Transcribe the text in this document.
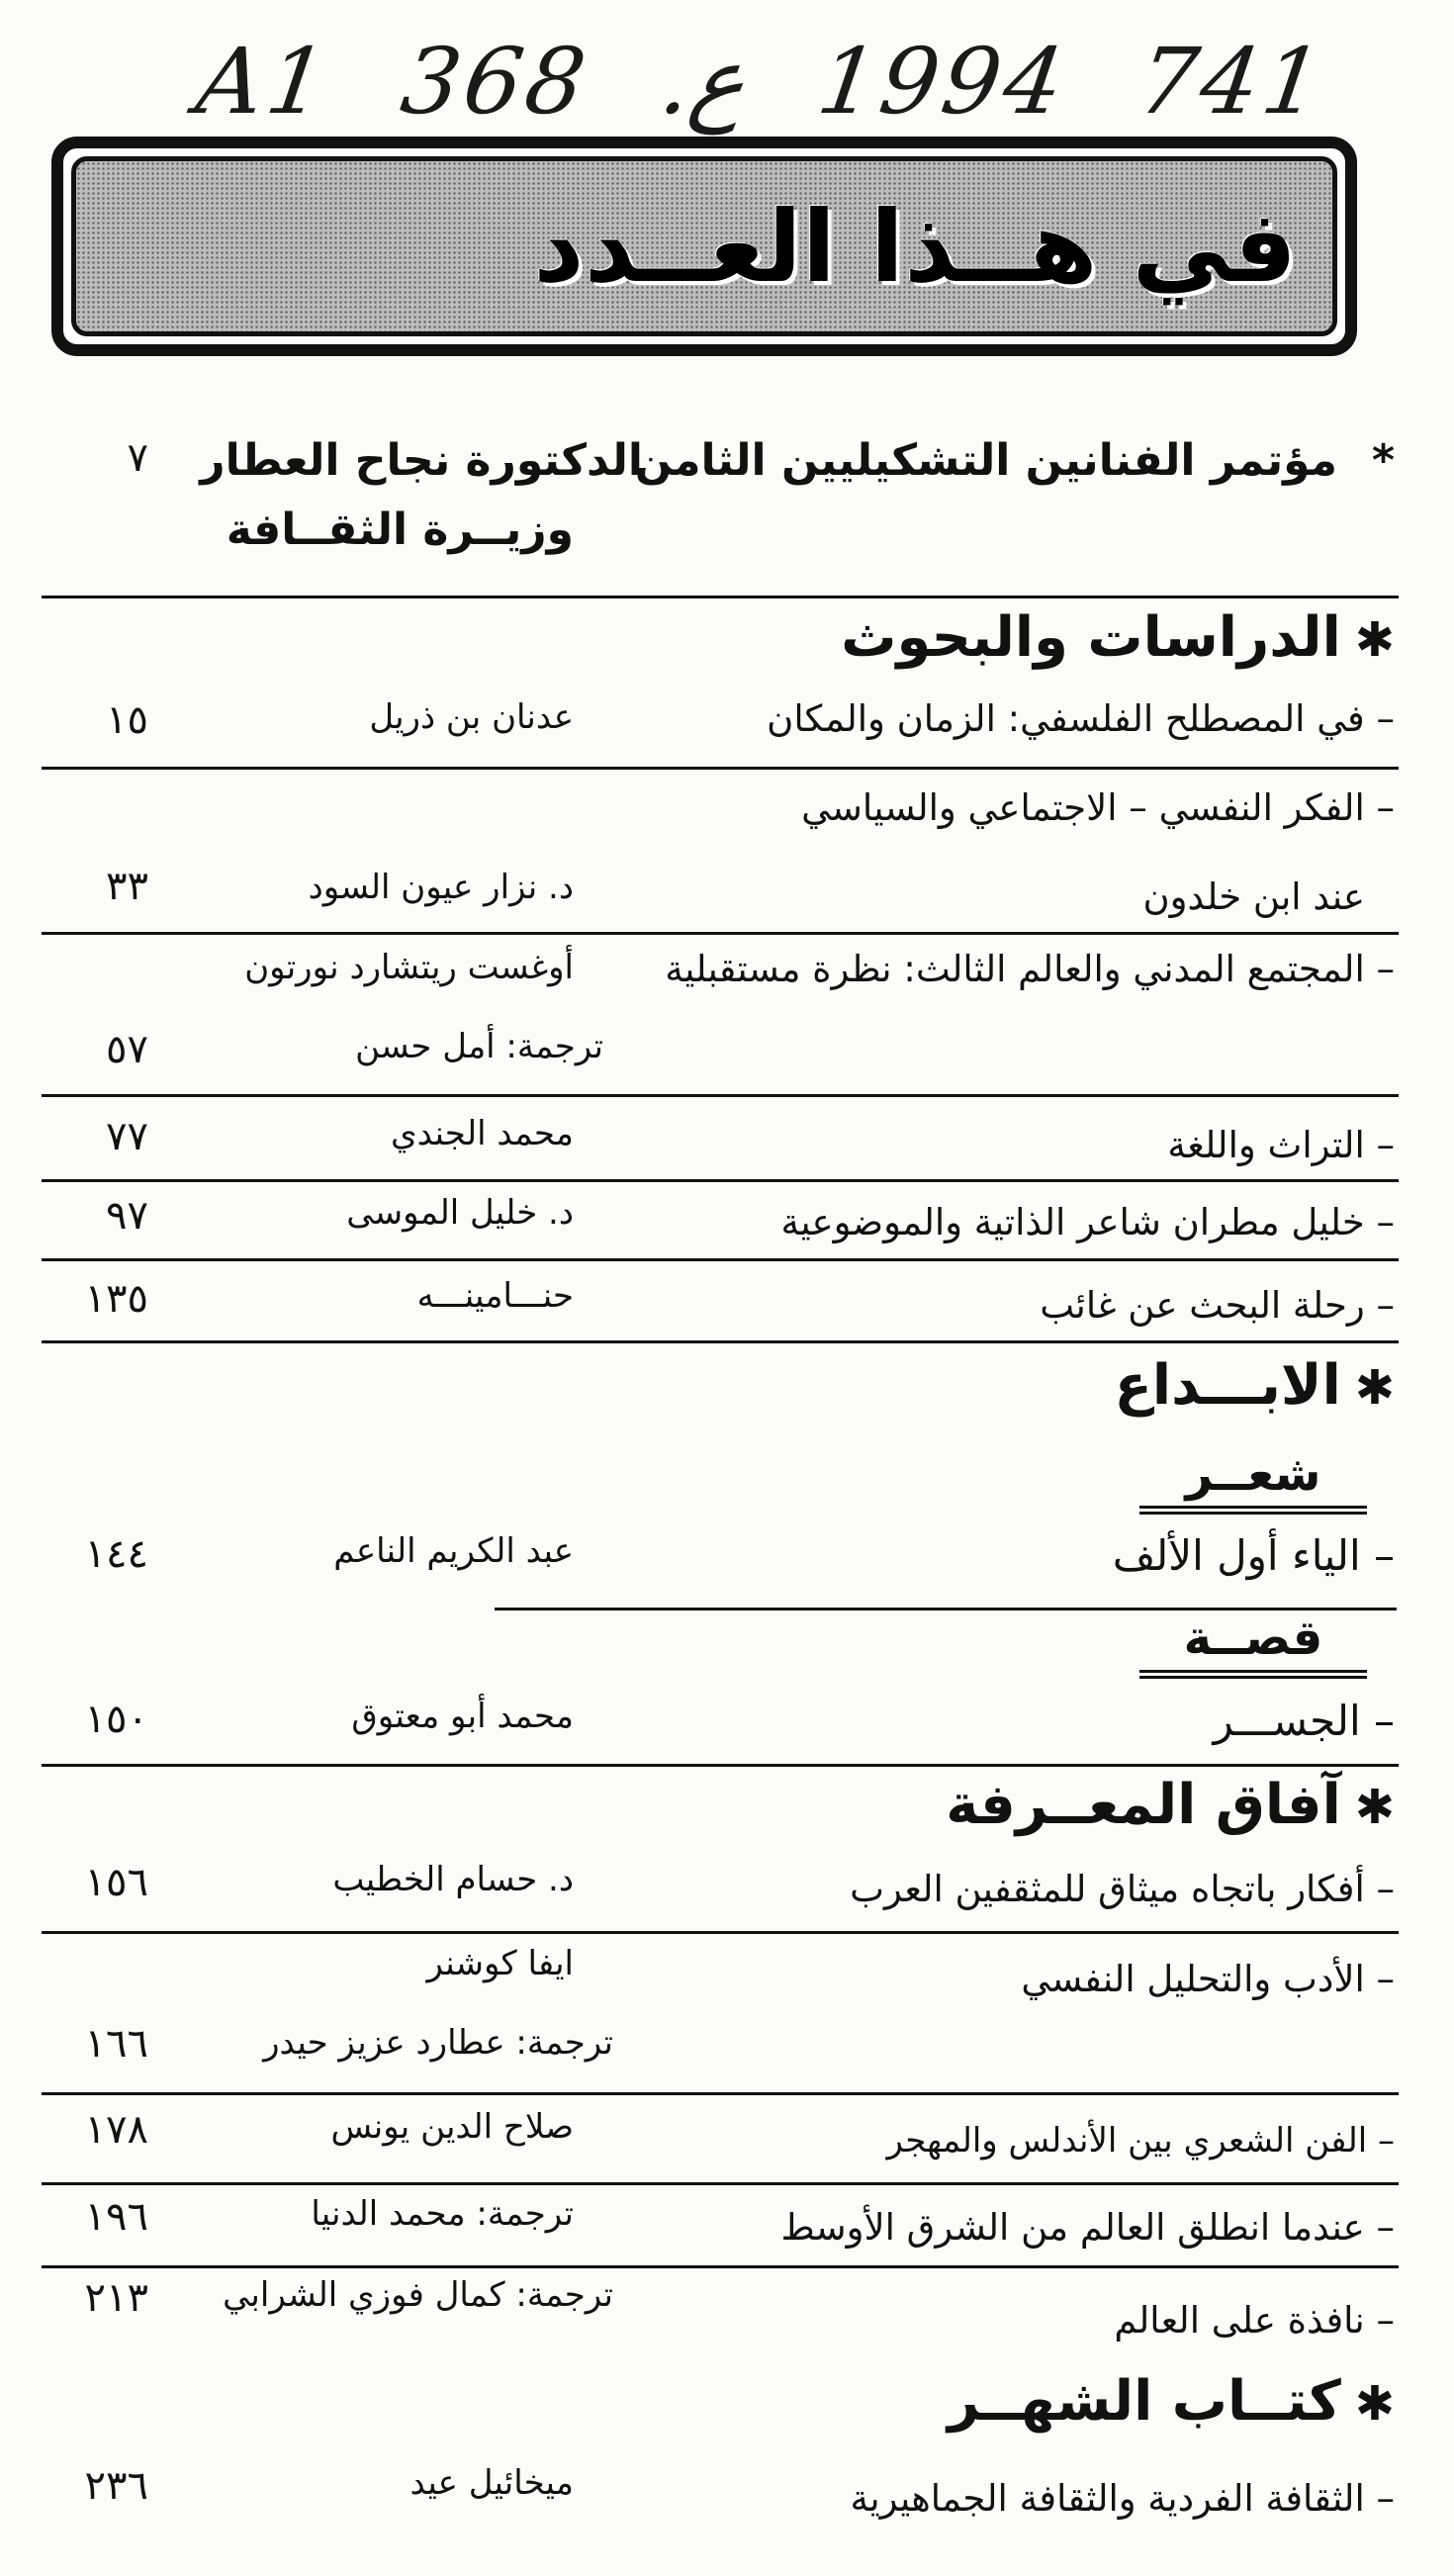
A1 368 .ع 1994 741
في هــذا العــدد
*
مؤتمر الفنانين التشكيليين الثامن
الدكتورة نجاح العطار
وزيــرة الثقــافة
٧
✱الدراسات والبحوث
– في المصطلح الفلسفي: الزمان والمكان
عدنان بن ذريل
١٥
– الفكر النفسي – الاجتماعي والسياسي
عند ابن خلدون
د. نزار عيون السود
٣٣
– المجتمع المدني والعالم الثالث: نظرة مستقبلية
أوغست ريتشارد نورتون
ترجمة: أمل حسن
٥٧
– التراث واللغة
محمد الجندي
٧٧
– خليل مطران شاعر الذاتية والموضوعية
د. خليل الموسى
٩٧
– رحلة البحث عن غائب
حنـــامينـــه
١٣٥
✱الابـــداع
شعــر
– الياء أول الألف
عبد الكريم الناعم
١٤٤
قصــة
– الجســـر
محمد أبو معتوق
١٥٠
✱آفاق المعــرفة
– أفكار باتجاه ميثاق للمثقفين العرب
د. حسام الخطيب
١٥٦
– الأدب والتحليل النفسي
ايفا كوشنر
ترجمة: عطارد عزيز حيدر
١٦٦
– الفن الشعري بين الأندلس والمهجر
صلاح الدين يونس
١٧٨
– عندما انطلق العالم من الشرق الأوسط
ترجمة: محمد الدنيا
١٩٦
– نافذة على العالم
ترجمة: كمال فوزي الشرابي
٢١٣
✱كتــاب الشهــر
– الثقافة الفردية والثقافة الجماهيرية
ميخائيل عيد
٢٣٦
